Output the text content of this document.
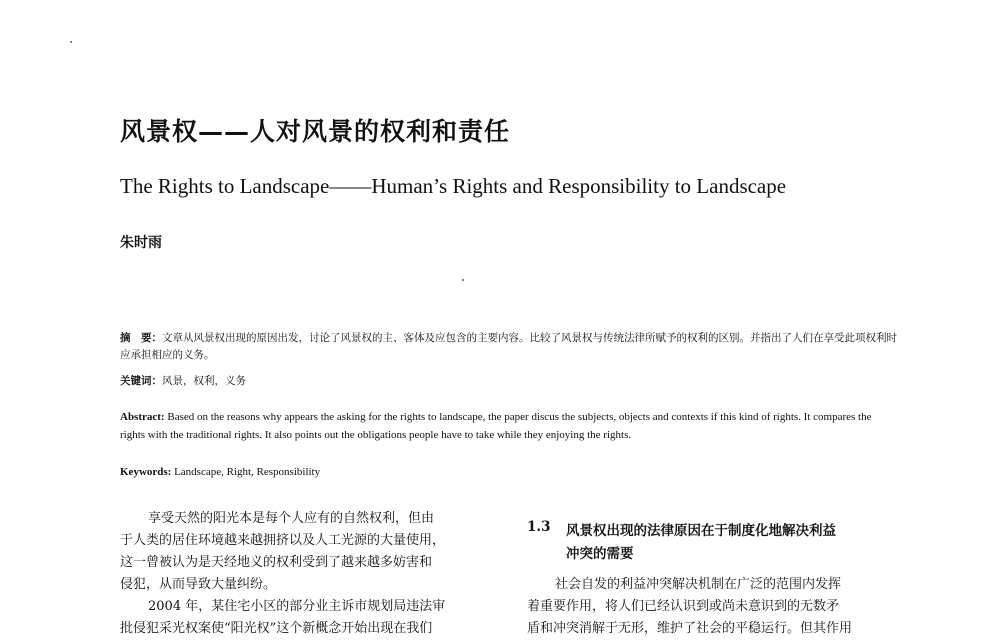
风景权——人对风景的权利和责任
The Rights to Landscape——Human’s Rights and Responsibility to Landscape
朱时雨
摘　要：文章从风景权出现的原因出发，讨论了风景权的主、客体及应包含的主要内容。比较了风景权与传统法律所赋予的权利的区别。并指出了人们在享受此项权利时应承担相应的义务。
关键词：风景，权利，义务
Abstract: Based on the reasons why appears the asking for the rights to landscape, the paper discus the subjects, objects and contexts if this kind of rights. It compares the rights with the traditional rights. It also points out the obligations people have to take while they enjoying the rights.
Keywords: Landscape, Right, Responsibility
享受天然的阳光本是每个人应有的自然权利，但由
于人类的居住环境越来越拥挤以及人工光源的大量使用，
这一曾被认为是天经地义的权利受到了越来越多妨害和
侵犯，从而导致大量纠纷。
2004 年，某住宅小区的部分业主诉市规划局违法审
批侵犯采光权案使“阳光权”这个新概念开始出现在我们
1.3 风景权出现的法律原因在于制度化地解决利益
冲突的需要
社会自发的利益冲突解决机制在广泛的范围内发挥
着重要作用，将人们已经认识到或尚未意识到的无数矛
盾和冲突消解于无形，维护了社会的平稳运行。但其作用
